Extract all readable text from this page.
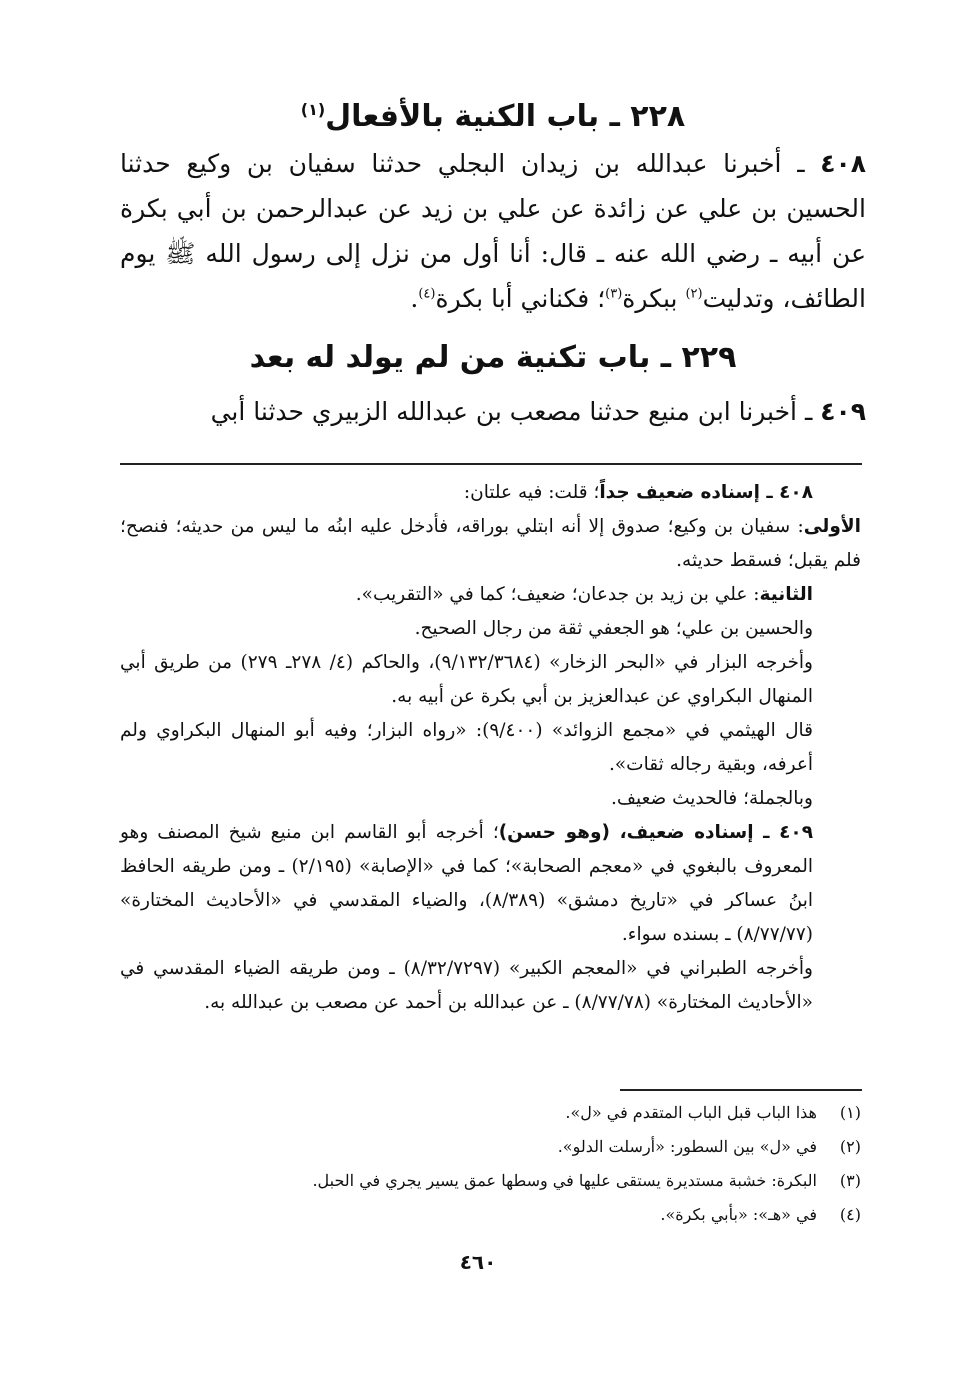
٢٢٨ ـ باب الكنية بالأفعال$^{(١)}$
٤٠٨ ـ أخبرنا عبدالله بن زيدان البجلي حدثنا سفيان بن وكيع حدثنا الحسين بن علي عن زائدة عن علي بن زيد عن عبدالرحمن بن أبي بكرة عن أبيه ـ رضي الله عنه ـ قال: أنا أول من نزل إلى رسول الله ﷺ يوم الطائف، وتدليت$^{(٢)}$ ببكرة$^{(٣)}$؛ فكناني أبا بكرة$^{(٤)}$.
٢٢٩ ـ باب تكنية من لم يولد له بعد
٤٠٩ ـ أخبرنا ابن منيع حدثنا مصعب بن عبدالله الزبيري حدثنا أبي

٤٠٨ ـ إسناده ضعيف جداً؛ قلت: فيه علتان:

الأولى: سفيان بن وكيع؛ صدوق إلا أنه ابتلي بوراقه، فأدخل عليه ابنُه ما ليس من حديثه؛ فنصح؛ فلم يقبل؛ فسقط حديثه.

الثانية: علي بن زيد بن جدعان؛ ضعيف؛ كما في «التقريب».

والحسين بن علي؛ هو الجعفي ثقة من رجال الصحيح.

وأخرجه البزار في «البحر الزخار» (٩/١٣٢/٣٦٨٤)، والحاكم (٤/ ٢٧٨ـ ٢٧٩) من طريق أبي المنهال البكراوي عن عبدالعزيز بن أبي بكرة عن أبيه به.

قال الهيثمي في «مجمع الزوائد» (٩/٤٠٠): «رواه البزار؛ وفيه أبو المنهال البكراوي ولم أعرفه، وبقية رجاله ثقات».

وبالجملة؛ فالحديث ضعيف.

٤٠٩ ـ إسناده ضعيف، (وهو حسن)؛ أخرجه أبو القاسم ابن منيع شيخ المصنف وهو المعروف بالبغوي في «معجم الصحابة»؛ كما في «الإصابة» (٢/١٩٥) ـ ومن طريقه الحافظ ابنُ عساكر في «تاريخ دمشق» (٨/٣٨٩)، والضياء المقدسي في «الأحاديث المختارة» (٨/٧٧/٧٧) ـ بسنده سواء.

وأخرجه الطبراني في «المعجم الكبير» (٨/٣٢/٧٢٩٧) ـ ومن طريقه الضياء المقدسي في «الأحاديث المختارة» (٨/٧٧/٧٨) ـ عن عبدالله بن أحمد عن مصعب بن عبدالله به.

(١)
هذا الباب قبل الباب المتقدم في «ل».
(٢)
في «ل» بين السطور: «أرسلت الدلو».
(٣)
البكرة: خشبة مستديرة يستقى عليها في وسطها عمق يسير يجري في الحبل.
(٤)
في «هـ»: «بأبي بكرة».
٤٦٠
